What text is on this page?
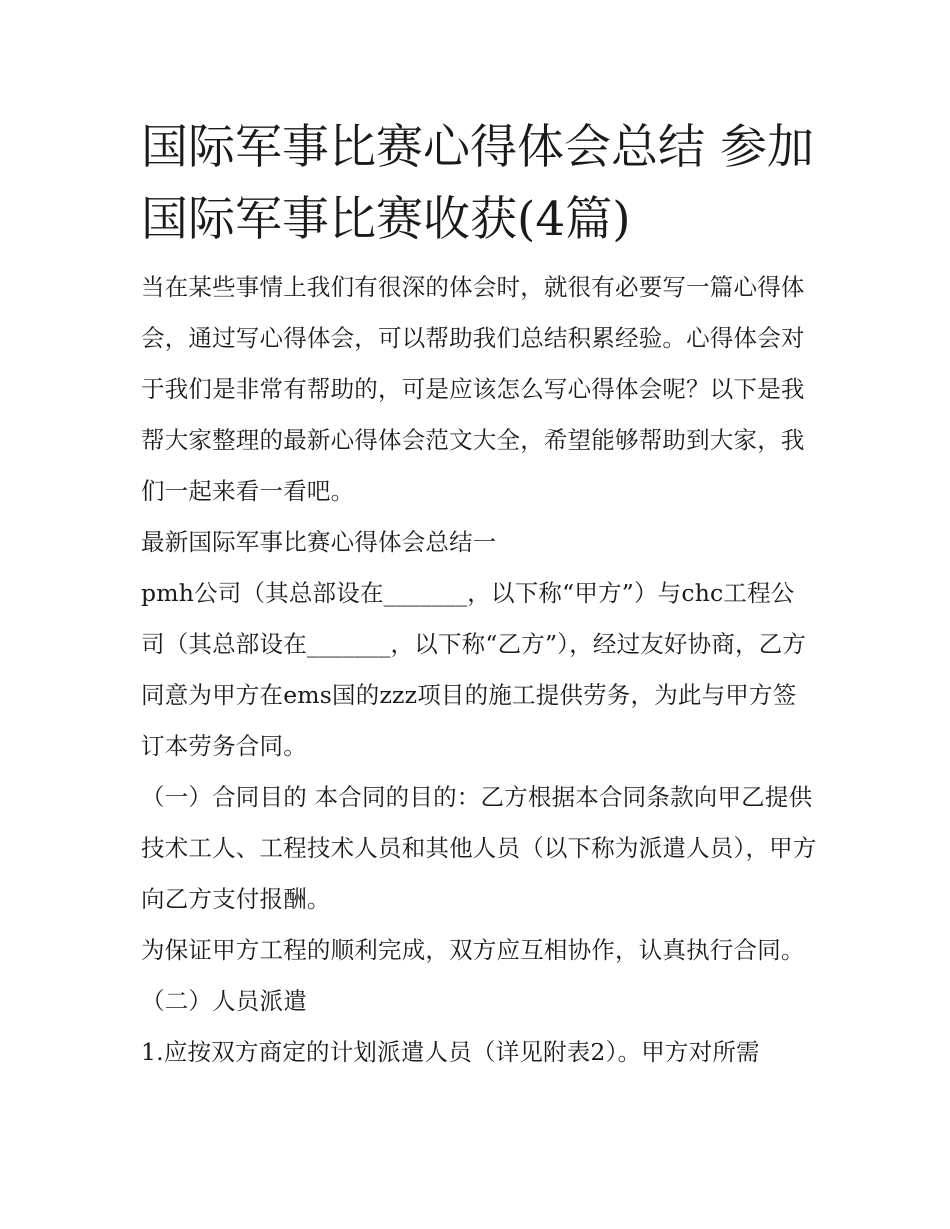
国际军事比赛心得体会总结 参加国际军事比赛收获(4篇)

当在某些事情上我们有很深的体会时，就很有必要写一篇心得体会，通过写心得体会，可以帮助我们总结积累经验。心得体会对于我们是非常有帮助的，可是应该怎么写心得体会呢？以下是我帮大家整理的最新心得体会范文大全，希望能够帮助到大家，我们一起来看一看吧。

最新国际军事比赛心得体会总结一

pmh公司（其总部设在_______，以下称“甲方”）与chc工程公司（其总部设在_______，以下称“乙方”），经过友好协商，乙方同意为甲方在ems国的zzz项目的施工提供劳务，为此与甲方签订本劳务合同。

（一）合同目的 本合同的目的：乙方根据本合同条款向甲乙提供技术工人、工程技术人员和其他人员（以下称为派遣人员），甲方向乙方支付报酬。

为保证甲方工程的顺利完成，双方应互相协作，认真执行合同。 （二）人员派遣

1.应按双方商定的计划派遣人员（详见附表2）。甲方对所需
